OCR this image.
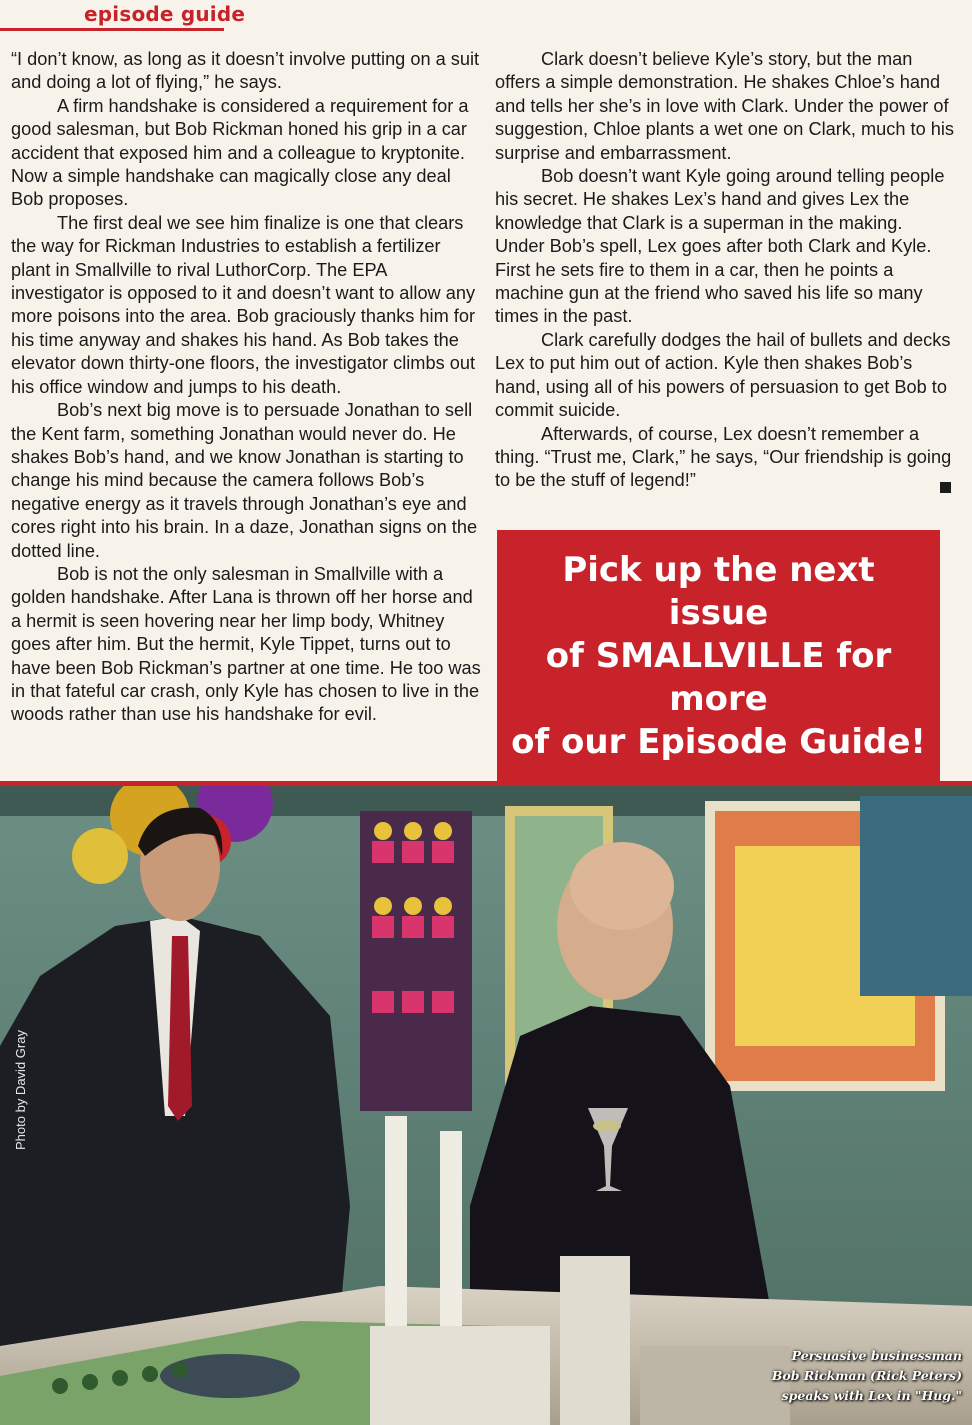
episode guide

“I don’t know, as long as it doesn’t involve putting on a suit and doing a lot of flying,” he says.

A firm handshake is considered a requirement for a good salesman, but Bob Rickman honed his grip in a car accident that exposed him and a colleague to kryptonite. Now a simple handshake can magically close any deal Bob proposes.

The first deal we see him finalize is one that clears the way for Rickman Industries to establish a fertilizer plant in Smallville to rival LuthorCorp. The EPA investigator is opposed to it and doesn’t want to allow any more poisons into the area. Bob graciously thanks him for his time anyway and shakes his hand. As Bob takes the elevator down thirty-one floors, the investigator climbs out his office window and jumps to his death.

Bob’s next big move is to persuade Jonathan to sell the Kent farm, something Jonathan would never do. He shakes Bob’s hand, and we know Jonathan is starting to change his mind because the camera follows Bob’s negative energy as it travels through Jonathan’s eye and cores right into his brain. In a daze, Jonathan signs on the dotted line.

Bob is not the only salesman in Smallville with a golden handshake. After Lana is thrown off her horse and a hermit is seen hovering near her limp body, Whitney goes after him. But the hermit, Kyle Tippet, turns out to have been Bob Rickman’s partner at one time. He too was in that fateful car crash, only Kyle has chosen to live in the woods rather than use his handshake for evil.

Clark doesn’t believe Kyle’s story, but the man offers a simple demonstration. He shakes Chloe’s hand and tells her she’s in love with Clark. Under the power of suggestion, Chloe plants a wet one on Clark, much to his surprise and embarrassment.

Bob doesn’t want Kyle going around telling people his secret. He shakes Lex’s hand and gives Lex the knowledge that Clark is a superman in the making. Under Bob’s spell, Lex goes after both Clark and Kyle. First he sets fire to them in a car, then he points a machine gun at the friend who saved his life so many times in the past.

Clark carefully dodges the hail of bullets and decks Lex to put him out of action. Kyle then shakes Bob’s hand, using all of his powers of persuasion to get Bob to commit suicide.

Afterwards, of course, Lex doesn’t remember a thing. “Trust me, Clark,” he says, “Our friendship is going to be the stuff of legend!”

Pick up the next issue
of SMALLVILLE for more
of our Episode Guide!
Photo by David Gray
Persuasive businessman
Bob Rickman (Rick Peters)
speaks with Lex in "Hug."
